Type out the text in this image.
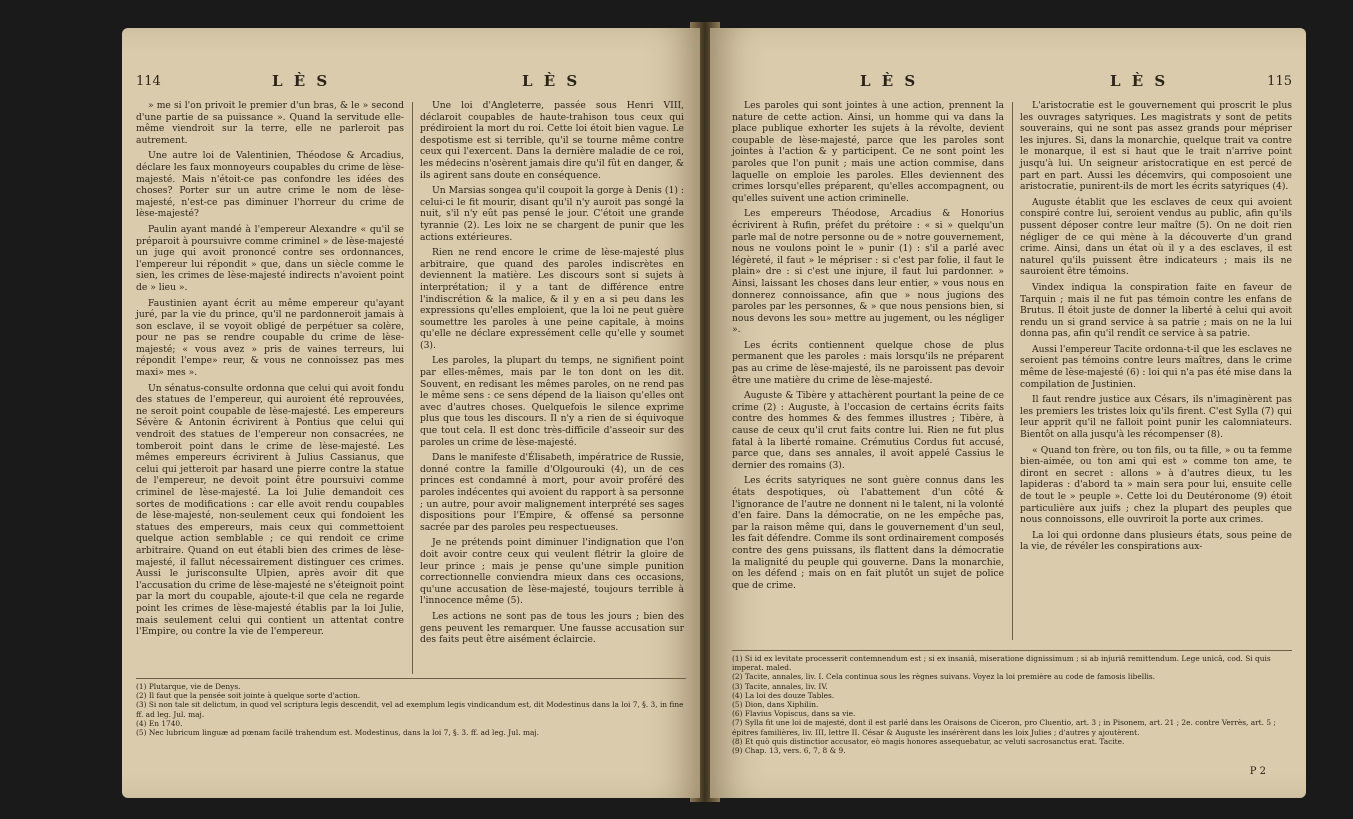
114	L È S	L È S

» me si l'on privoit le premier d'un bras, & le » second d'une partie de sa puissance ». Quand la servitude elle-même viendroit sur la terre, elle ne parleroit pas autrement.

Une autre loi de Valentinien, Théodose & Arcadius, déclare les faux monnoyeurs coupables du crime de lèse-majesté. Mais n'étoit-ce pas confondre les idées des choses? Porter sur un autre crime le nom de lèse-majesté, n'est-ce pas diminuer l'horreur du crime de lèse-majesté?

Paulin ayant mandé à l'empereur Alexandre « qu'il se préparoit à poursuivre comme criminel » de lèse-majesté un juge qui avoit prononcé contre ses ordonnances, l'empereur lui répondit » que, dans un siècle comme le sien, les crimes de lèse-majesté indirects n'avoient point de » lieu ».

Faustinien ayant écrit au même empereur qu'ayant juré, par la vie du prince, qu'il ne pardonneroit jamais à son esclave, il se voyoit obligé de perpétuer sa colère, pour ne pas se rendre coupable du crime de lèse-majesté; « vous avez » pris de vaines terreurs, lui répondit l'empe» reur, & vous ne connoissez pas mes maxi» mes ».

Un sénatus-consulte ordonna que celui qui avoit fondu des statues de l'empereur, qui auroient été reprouvées, ne seroit point coupable de lèse-majesté. Les empereurs Sévère & Antonin écrivirent à Pontius que celui qui vendroit des statues de l'empereur non consacrées, ne tomberoit point dans le crime de lèse-majesté. Les mêmes empereurs écrivirent à Julius Cassianus, que celui qui jetteroit par hasard une pierre contre la statue de l'empereur, ne devoit point être poursuivi comme criminel de lèse-majesté. La loi Julie demandoit ces sortes de modifications : car elle avoit rendu coupables de lèse-majesté, non-seulement ceux qui fondoient les statues des empereurs, mais ceux qui commettoient quelque action semblable ; ce qui rendoit ce crime arbitraire. Quand on eut établi bien des crimes de lèse-majesté, il fallut nécessairement distinguer ces crimes. Aussi le jurisconsulte Ulpien, après avoir dit que l'accusation du crime de lèse-majesté ne s'éteignoit point par la mort du coupable, ajoute-t-il que cela ne regarde point les crimes de lèse-majesté établis par la loi Julie, mais seulement celui qui contient un attentat contre l'Empire, ou contre la vie de l'empereur.

Une loi d'Angleterre, passée sous Henri VIII, déclaroit coupables de haute-trahison tous ceux qui prédiroient la mort du roi. Cette loi étoit bien vague. Le despotisme est si terrible, qu'il se tourne même contre ceux qui l'exercent. Dans la dernière maladie de ce roi, les médecins n'osèrent jamais dire qu'il fût en danger, & ils agirent sans doute en conséquence.

Un Marsias songea qu'il coupoit la gorge à Denis (1) : celui-ci le fit mourir, disant qu'il n'y auroit pas songé la nuit, s'il n'y eût pas pensé le jour. C'étoit une grande tyrannie (2). Les loix ne se chargent de punir que les actions extérieures.

Rien ne rend encore le crime de lèse-majesté plus arbitraire, que quand des paroles indiscrètes en deviennent la matière. Les discours sont si sujets à interprétation; il y a tant de différence entre l'indiscrétion & la malice, & il y en a si peu dans les expressions qu'elles emploient, que la loi ne peut guère soumettre les paroles à une peine capitale, à moins qu'elle ne déclare expressément celle qu'elle y soumet (3).

Les paroles, la plupart du temps, ne signifient point par elles-mêmes, mais par le ton dont on les dit. Souvent, en redisant les mêmes paroles, on ne rend pas le même sens : ce sens dépend de la liaison qu'elles ont avec d'autres choses. Quelquefois le silence exprime plus que tous les discours. Il n'y a rien de si équivoque que tout cela. Il est donc très-difficile d'asseoir sur des paroles un crime de lèse-majesté.

Dans le manifeste d'Élisabeth, impératrice de Russie, donné contre la famille d'Olgourouki (4), un de ces princes est condamné à mort, pour avoir proféré des paroles indécentes qui avoient du rapport à sa personne ; un autre, pour avoir malignement interprété ses sages dispositions pour l'Empire, & offensé sa personne sacrée par des paroles peu respectueuses.

Je ne prétends point diminuer l'indignation que l'on doit avoir contre ceux qui veulent flétrir la gloire de leur prince ; mais je pense qu'une simple punition correctionnelle conviendra mieux dans ces occasions, qu'une accusation de lèse-majesté, toujours terrible à l'innocence même (5).

Les actions ne sont pas de tous les jours ; bien des gens peuvent les remarquer. Une fausse accusation sur des faits peut être aisément éclaircie.

(1) Plutarque, vie de Denys.

(2) Il faut que la pensée soit jointe à quelque sorte d'action.

(3) Si non tale sit delictum, in quod vel scriptura legis descendit, vel ad exemplum legis vindicandum est, dit Modestinus dans la loi 7, §. 3, in fine ff. ad leg. Jul. maj.

(4) En 1740.

(5) Nec lubricum linguæ ad pœnam facilè trahendum est. Modestinus, dans la loi 7, §. 3. ff. ad leg. Jul. maj.

L È S	L È S	115

Les paroles qui sont jointes à une action, prennent la nature de cette action. Ainsi, un homme qui va dans la place publique exhorter les sujets à la révolte, devient coupable de lèse-majesté, parce que les paroles sont jointes à l'action & y participent. Ce ne sont point les paroles que l'on punit ; mais une action commise, dans laquelle on emploie les paroles. Elles deviennent des crimes lorsqu'elles préparent, qu'elles accompagnent, ou qu'elles suivent une action criminelle.

Les empereurs Théodose, Arcadius & Honorius écrivirent à Rufin, préfet du prétoire : « si » quelqu'un parle mal de notre personne ou de » notre gouvernement, nous ne voulons point le » punir (1) : s'il a parlé avec légèreté, il faut » le mépriser : si c'est par folie, il faut le plain» dre : si c'est une injure, il faut lui pardonner. » Ainsi, laissant les choses dans leur entier, » vous nous en donnerez connoissance, afin que » nous jugions des paroles par les personnes, & » que nous pensions bien, si nous devons les sou» mettre au jugement, ou les négliger ».

Les écrits contiennent quelque chose de plus permanent que les paroles : mais lorsqu'ils ne préparent pas au crime de lèse-majesté, ils ne paroissent pas devoir être une matière du crime de lèse-majesté.

Auguste & Tibère y attachèrent pourtant la peine de ce crime (2) : Auguste, à l'occasion de certains écrits faits contre des hommes & des femmes illustres ; Tibère, à cause de ceux qu'il crut faits contre lui. Rien ne fut plus fatal à la liberté romaine. Crémutius Cordus fut accusé, parce que, dans ses annales, il avoit appelé Cassius le dernier des romains (3).

Les écrits satyriques ne sont guère connus dans les états despotiques, où l'abattement d'un côté & l'ignorance de l'autre ne donnent ni le talent, ni la volonté d'en faire. Dans la démocratie, on ne les empêche pas, par la raison même qui, dans le gouvernement d'un seul, les fait défendre. Comme ils sont ordinairement composés contre des gens puissans, ils flattent dans la démocratie la malignité du peuple qui gouverne. Dans la monarchie, on les défend ; mais on en fait plutôt un sujet de police que de crime.

L'aristocratie est le gouvernement qui proscrit le plus les ouvrages satyriques. Les magistrats y sont de petits souverains, qui ne sont pas assez grands pour mépriser les injures. Si, dans la monarchie, quelque trait va contre le monarque, il est si haut que le trait n'arrive point jusqu'à lui. Un seigneur aristocratique en est percé de part en part. Aussi les décemvirs, qui composoient une aristocratie, punirent-ils de mort les écrits satyriques (4).

Auguste établit que les esclaves de ceux qui avoient conspiré contre lui, seroient vendus au public, afin qu'ils pussent déposer contre leur maître (5). On ne doit rien négliger de ce qui mène à la découverte d'un grand crime. Ainsi, dans un état où il y a des esclaves, il est naturel qu'ils puissent être indicateurs ; mais ils ne sauroient être témoins.

Vindex indiqua la conspiration faite en faveur de Tarquin ; mais il ne fut pas témoin contre les enfans de Brutus. Il étoit juste de donner la liberté à celui qui avoit rendu un si grand service à sa patrie ; mais on ne la lui donna pas, afin qu'il rendît ce service à sa patrie.

Aussi l'empereur Tacite ordonna-t-il que les esclaves ne seroient pas témoins contre leurs maîtres, dans le crime même de lèse-majesté (6) : loi qui n'a pas été mise dans la compilation de Justinien.

Il faut rendre justice aux Césars, ils n'imaginèrent pas les premiers les tristes loix qu'ils firent. C'est Sylla (7) qui leur apprit qu'il ne falloit point punir les calomniateurs. Bientôt on alla jusqu'à les récompenser (8).

« Quand ton frère, ou ton fils, ou ta fille, » ou ta femme bien-aimée, ou ton ami qui est » comme ton ame, te diront en secret : allons » à d'autres dieux, tu les lapideras : d'abord ta » main sera pour lui, ensuite celle de tout le » peuple ». Cette loi du Deutéronome (9) étoit particulière aux juifs ; chez la plupart des peuples que nous connoissons, elle ouvriroit la porte aux crimes.

La loi qui ordonne dans plusieurs états, sous peine de la vie, de révéler les conspirations aux-

(1) Si id ex levitate processerit contemnendum est ; si ex insaniâ, miseratione dignissimum ; si ab injuriâ remittendum. Lege unicâ, cod. Si quis imperat. maled.

(2) Tacite, annales, liv. I. Cela continua sous les règnes suivans. Voyez la loi première au code de famosis libellis.

(3) Tacite, annales, liv. IV.

(4) La loi des douze Tables.

(5) Dion, dans Xiphilin.

(6) Flavius Vopiscus, dans sa vie.

(7) Sylla fit une loi de majesté, dont il est parlé dans les Oraisons de Ciceron, pro Cluentio, art. 3 ; in Pisonem, art. 21 ; 2e. contre Verrès, art. 5 ; épitres familières, liv. III, lettre II. César & Auguste les insérèrent dans les loix Julies ; d'autres y ajoutèrent.

(8) Et quò quis distinctior accusator, eò magis honores assequebatur, ac veluti sacrosanctus erat. Tacite.

(9) Chap. 13, vers. 6, 7, 8 & 9.

P 2
